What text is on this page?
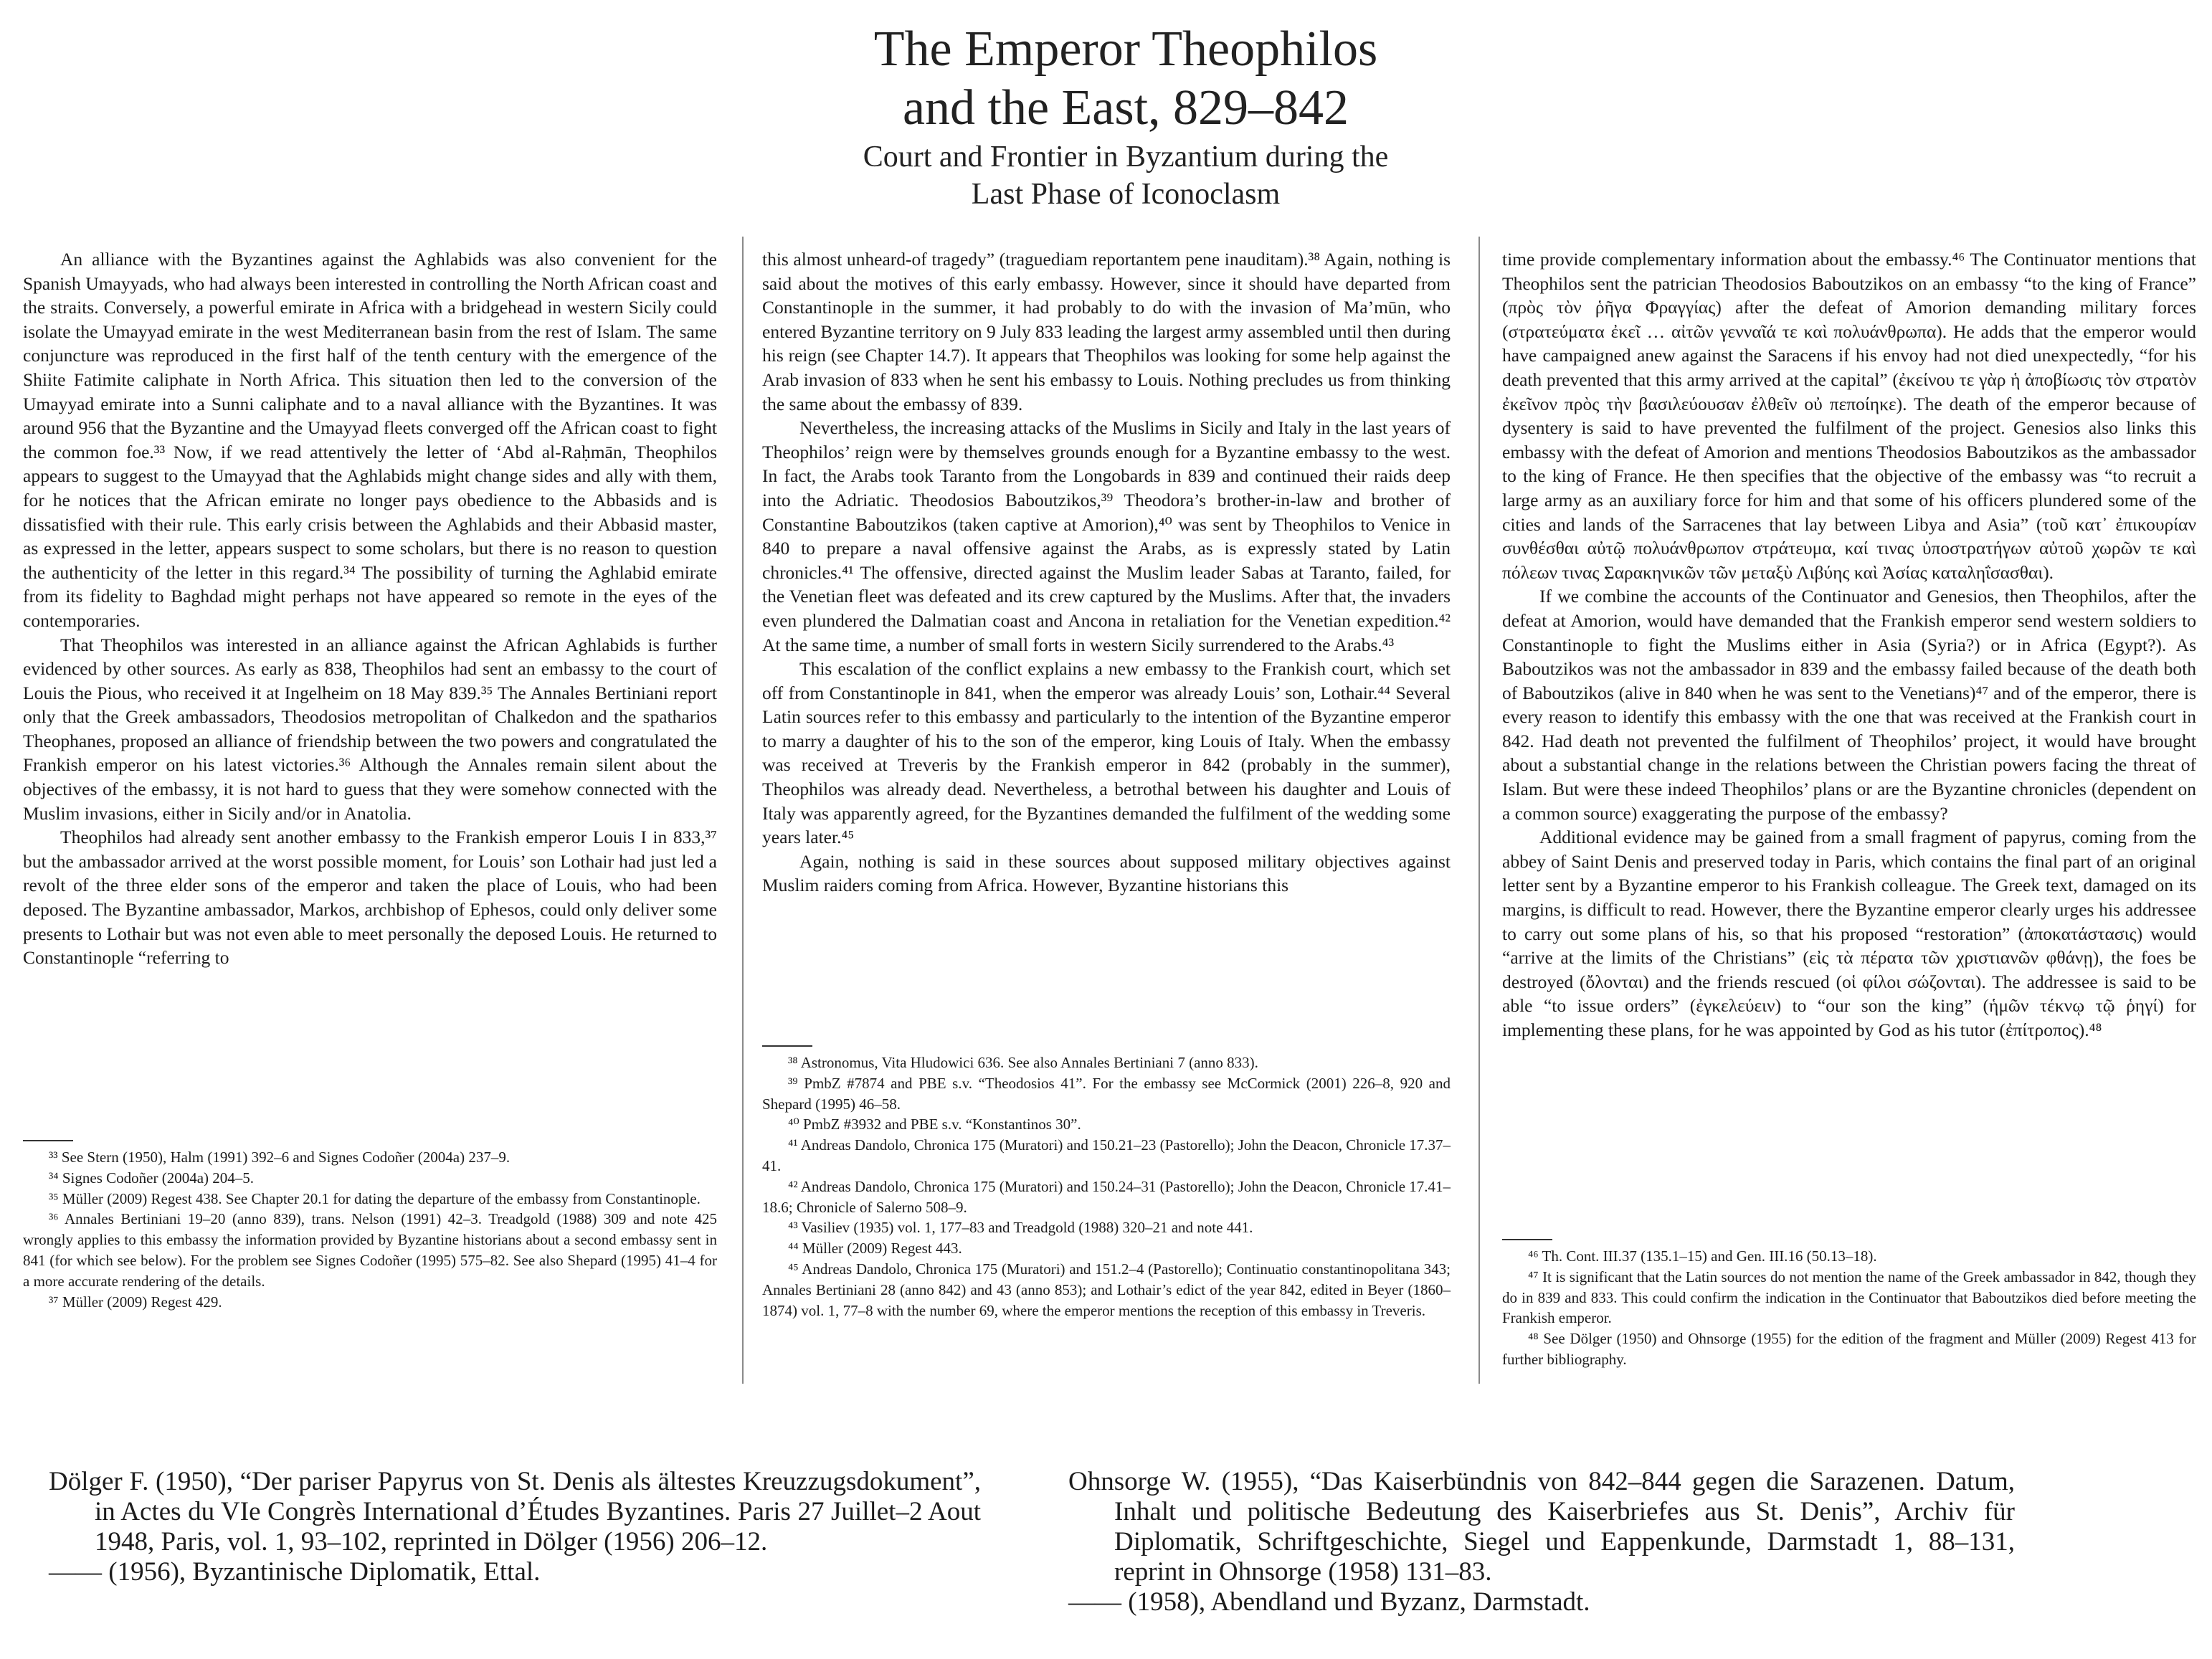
The Emperor Theophilos
and the East, 829–842
Court and Frontier in Byzantium during the
Last Phase of Iconoclasm

An alliance with the Byzantines against the Aghlabids was also convenient for the Spanish Umayyads, who had always been interested in controlling the North African coast and the straits. Conversely, a powerful emirate in Africa with a bridgehead in western Sicily could isolate the Umayyad emirate in the west Mediterranean basin from the rest of Islam. The same conjuncture was reproduced in the first half of the tenth century with the emergence of the Shiite Fatimite caliphate in North Africa. This situation then led to the conversion of the Umayyad emirate into a Sunni caliphate and to a naval alliance with the Byzantines. It was around 956 that the Byzantine and the Umayyad fleets converged off the African coast to fight the common foe.³³ Now, if we read attentively the letter of ‘Abd al-Raḥmān, Theophilos appears to suggest to the Umayyad that the Aghlabids might change sides and ally with them, for he notices that the African emirate no longer pays obedience to the Abbasids and is dissatisfied with their rule. This early crisis between the Aghlabids and their Abbasid master, as expressed in the letter, appears suspect to some scholars, but there is no reason to question the authenticity of the letter in this regard.³⁴ The possibility of turning the Aghlabid emirate from its fidelity to Baghdad might perhaps not have appeared so remote in the eyes of the contemporaries.

That Theophilos was interested in an alliance against the African Aghlabids is further evidenced by other sources. As early as 838, Theophilos had sent an embassy to the court of Louis the Pious, who received it at Ingelheim on 18 May 839.³⁵ The Annales Bertiniani report only that the Greek ambassadors, Theodosios metropolitan of Chalkedon and the spatharios Theophanes, proposed an alliance of friendship between the two powers and congratulated the Frankish emperor on his latest victories.³⁶ Although the Annales remain silent about the objectives of the embassy, it is not hard to guess that they were somehow connected with the Muslim invasions, either in Sicily and/or in Anatolia.

Theophilos had already sent another embassy to the Frankish emperor Louis I in 833,³⁷ but the ambassador arrived at the worst possible moment, for Louis’ son Lothair had just led a revolt of the three elder sons of the emperor and taken the place of Louis, who had been deposed. The Byzantine ambassador, Markos, archbishop of Ephesos, could only deliver some presents to Lothair but was not even able to meet personally the deposed Louis. He returned to Constantinople “referring to

³³ See Stern (1950), Halm (1991) 392–6 and Signes Codoñer (2004a) 237–9.

³⁴ Signes Codoñer (2004a) 204–5.

³⁵ Müller (2009) Regest 438. See Chapter 20.1 for dating the departure of the embassy from Constantinople.

³⁶ Annales Bertiniani 19–20 (anno 839), trans. Nelson (1991) 42–3. Treadgold (1988) 309 and note 425 wrongly applies to this embassy the information provided by Byzantine historians about a second embassy sent in 841 (for which see below). For the problem see Signes Codoñer (1995) 575–82. See also Shepard (1995) 41–4 for a more accurate rendering of the details.

³⁷ Müller (2009) Regest 429.

this almost unheard-of tragedy” (traguediam reportantem pene inauditam).³⁸ Again, nothing is said about the motives of this early embassy. However, since it should have departed from Constantinople in the summer, it had probably to do with the invasion of Ma’mūn, who entered Byzantine territory on 9 July 833 leading the largest army assembled until then during his reign (see Chapter 14.7). It appears that Theophilos was looking for some help against the Arab invasion of 833 when he sent his embassy to Louis. Nothing precludes us from thinking the same about the embassy of 839.

Nevertheless, the increasing attacks of the Muslims in Sicily and Italy in the last years of Theophilos’ reign were by themselves grounds enough for a Byzantine embassy to the west. In fact, the Arabs took Taranto from the Longobards in 839 and continued their raids deep into the Adriatic. Theodosios Baboutzikos,³⁹ Theodora’s brother-in-law and brother of Constantine Baboutzikos (taken captive at Amorion),⁴⁰ was sent by Theophilos to Venice in 840 to prepare a naval offensive against the Arabs, as is expressly stated by Latin chronicles.⁴¹ The offensive, directed against the Muslim leader Sabas at Taranto, failed, for the Venetian fleet was defeated and its crew captured by the Muslims. After that, the invaders even plundered the Dalmatian coast and Ancona in retaliation for the Venetian expedition.⁴² At the same time, a number of small forts in western Sicily surrendered to the Arabs.⁴³

This escalation of the conflict explains a new embassy to the Frankish court, which set off from Constantinople in 841, when the emperor was already Louis’ son, Lothair.⁴⁴ Several Latin sources refer to this embassy and particularly to the intention of the Byzantine emperor to marry a daughter of his to the son of the emperor, king Louis of Italy. When the embassy was received at Treveris by the Frankish emperor in 842 (probably in the summer), Theophilos was already dead. Nevertheless, a betrothal between his daughter and Louis of Italy was apparently agreed, for the Byzantines demanded the fulfilment of the wedding some years later.⁴⁵

Again, nothing is said in these sources about supposed military objectives against Muslim raiders coming from Africa. However, Byzantine historians this

³⁸ Astronomus, Vita Hludowici 636. See also Annales Bertiniani 7 (anno 833).

³⁹ PmbZ #7874 and PBE s.v. “Theodosios 41”. For the embassy see McCormick (2001) 226–8, 920 and Shepard (1995) 46–58.

⁴⁰ PmbZ #3932 and PBE s.v. “Konstantinos 30”.

⁴¹ Andreas Dandolo, Chronica 175 (Muratori) and 150.21–23 (Pastorello); John the Deacon, Chronicle 17.37–41.

⁴² Andreas Dandolo, Chronica 175 (Muratori) and 150.24–31 (Pastorello); John the Deacon, Chronicle 17.41–18.6; Chronicle of Salerno 508–9.

⁴³ Vasiliev (1935) vol. 1, 177–83 and Treadgold (1988) 320–21 and note 441.

⁴⁴ Müller (2009) Regest 443.

⁴⁵ Andreas Dandolo, Chronica 175 (Muratori) and 151.2–4 (Pastorello); Continuatio constantinopolitana 343; Annales Bertiniani 28 (anno 842) and 43 (anno 853); and Lothair’s edict of the year 842, edited in Beyer (1860–1874) vol. 1, 77–8 with the number 69, where the emperor mentions the reception of this embassy in Treveris.

time provide complementary information about the embassy.⁴⁶ The Continuator mentions that Theophilos sent the patrician Theodosios Baboutzikos on an embassy “to the king of France” (πρὸς τὸν ῥῆγα Φραγγίας) after the defeat of Amorion demanding military forces (στρατεύματα ἐκεῖ … αἰτῶν γενναῖά τε καὶ πολυάνθρωπα). He adds that the emperor would have campaigned anew against the Saracens if his envoy had not died unexpectedly, “for his death prevented that this army arrived at the capital” (ἐκείνου τε γὰρ ἡ ἀποβίωσις τὸν στρατὸν ἐκεῖνον πρὸς τὴν βασιλεύουσαν ἐλθεῖν οὐ πεποίηκε). The death of the emperor because of dysentery is said to have prevented the fulfilment of the project. Genesios also links this embassy with the defeat of Amorion and mentions Theodosios Baboutzikos as the ambassador to the king of France. He then specifies that the objective of the embassy was “to recruit a large army as an auxiliary force for him and that some of his officers plundered some of the cities and lands of the Sarracenes that lay between Libya and Asia” (τοῦ κατ᾽ ἐπικουρίαν συνθέσθαι αὐτῷ πολυάνθρωπον στράτευμα, καί τινας ὑποστρατήγων αὐτοῦ χωρῶν τε καὶ πόλεων τινας Σαρακηνικῶν τῶν μεταξὺ Λιβύης καὶ Ἀσίας καταληΐσασθαι).

If we combine the accounts of the Continuator and Genesios, then Theophilos, after the defeat at Amorion, would have demanded that the Frankish emperor send western soldiers to Constantinople to fight the Muslims either in Asia (Syria?) or in Africa (Egypt?). As Baboutzikos was not the ambassador in 839 and the embassy failed because of the death both of Baboutzikos (alive in 840 when he was sent to the Venetians)⁴⁷ and of the emperor, there is every reason to identify this embassy with the one that was received at the Frankish court in 842. Had death not prevented the fulfilment of Theophilos’ project, it would have brought about a substantial change in the relations between the Christian powers facing the threat of Islam. But were these indeed Theophilos’ plans or are the Byzantine chronicles (dependent on a common source) exaggerating the purpose of the embassy?

Additional evidence may be gained from a small fragment of papyrus, coming from the abbey of Saint Denis and preserved today in Paris, which contains the final part of an original letter sent by a Byzantine emperor to his Frankish colleague. The Greek text, damaged on its margins, is difficult to read. However, there the Byzantine emperor clearly urges his addressee to carry out some plans of his, so that his proposed “restoration” (ἀποκατάστασις) would “arrive at the limits of the Christians” (εἰς τὰ πέρατα τῶν χριστιανῶν φθάνῃ), the foes be destroyed (ὄλονται) and the friends rescued (οἱ φίλοι σώζονται). The addressee is said to be able “to issue orders” (ἐγκελεύειν) to “our son the king” (ἡμῶν τέκνῳ τῷ ῥηγί) for implementing these plans, for he was appointed by God as his tutor (ἐπίτροπος).⁴⁸

⁴⁶ Th. Cont. III.37 (135.1–15) and Gen. III.16 (50.13–18).

⁴⁷ It is significant that the Latin sources do not mention the name of the Greek ambassador in 842, though they do in 839 and 833. This could confirm the indication in the Continuator that Baboutzikos died before meeting the Frankish emperor.

⁴⁸ See Dölger (1950) and Ohnsorge (1955) for the edition of the fragment and Müller (2009) Regest 413 for further bibliography.

Dölger F. (1950), “Der pariser Papyrus von St. Denis als ältestes Kreuzzugsdokument”, in Actes du VIe Congrès International d’Études Byzantines. Paris 27 Juillet–2 Aout 1948, Paris, vol. 1, 93–102, reprinted in Dölger (1956) 206–12.

—— (1956), Byzantinische Diplomatik, Ettal.

Ohnsorge W. (1955), “Das Kaiserbündnis von 842–844 gegen die Sarazenen. Datum, Inhalt und politische Bedeutung des Kaiserbriefes aus St. Denis”, Archiv für Diplomatik, Schriftgeschichte, Siegel und Eappenkunde, Darmstadt 1, 88–131, reprint in Ohnsorge (1958) 131–83.

—— (1958), Abendland und Byzanz, Darmstadt.
